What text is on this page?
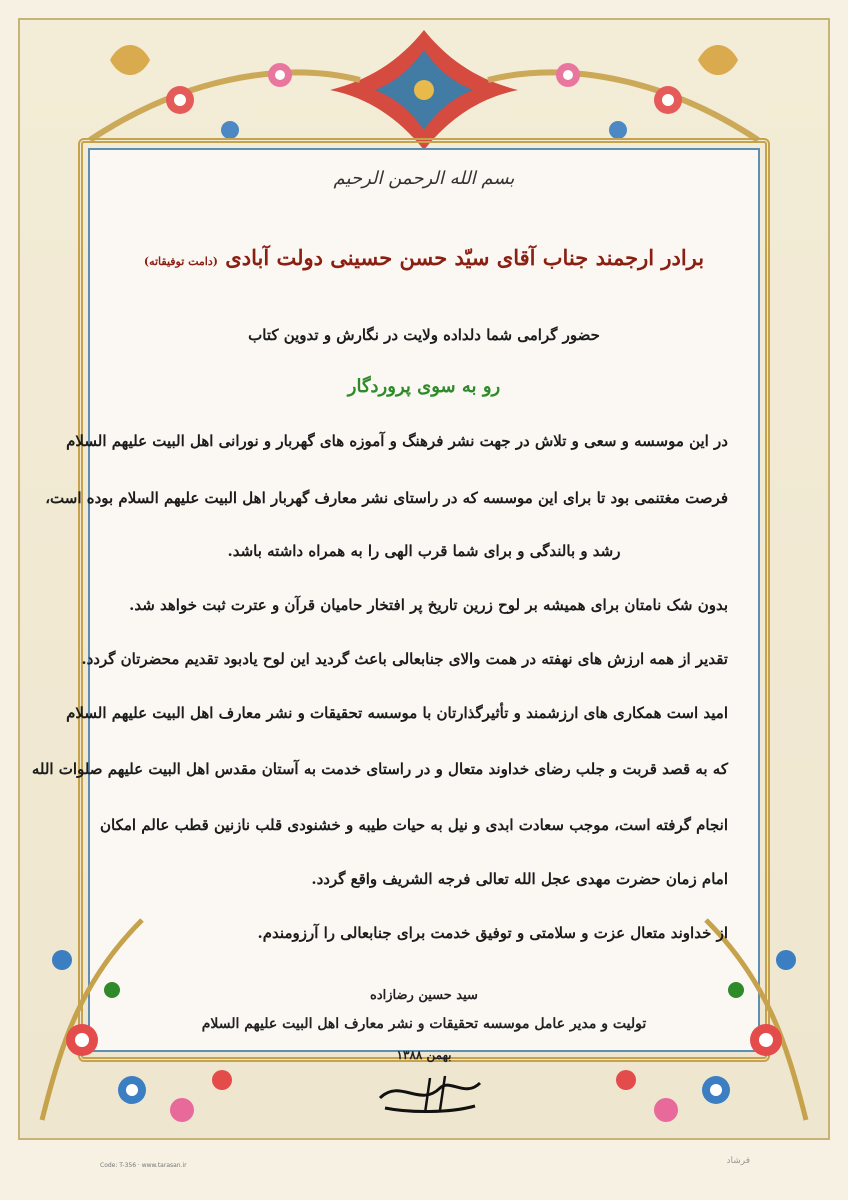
بسم الله الرحمن الرحیم
برادر ارجمند جناب آقای سیّد حسن حسینی دولت آبادی (دامت توفیقاته)
حضور گرامی شما دلداده ولایت در نگارش و تدوین کتاب
رو به سوی پروردگار
در این موسسه و سعی و تلاش در جهت نشر فرهنگ و آموزه های گهربار و نورانی اهل البیت علیهم السلام
فرصت مغتنمی بود تا برای این موسسه که در راستای نشر معارف گهربار اهل البیت علیهم السلام بوده است،
رشد و بالندگی و برای شما قرب الهی را به همراه داشته باشد.
بدون شک نامتان برای همیشه بر لوح زرین تاریخ پر افتخار حامیان قرآن و عترت ثبت خواهد شد.
تقدیر از همه ارزش های نهفته در همت والای جنابعالی باعث گردید این لوح یادبود تقدیم محضرتان گردد.
امید است همکاری های ارزشمند و تأثیرگذارتان با موسسه تحقیقات و نشر معارف اهل البیت علیهم السلام
که به قصد قربت و جلب رضای خداوند متعال و در راستای خدمت به آستان مقدس اهل البیت علیهم صلوات الله
انجام گرفته است، موجب سعادت ابدی و نیل به حیات طیبه و خشنودی قلب نازنین قطب عالم امکان
امام زمان حضرت مهدی عجل الله تعالی فرجه الشریف واقع گردد.
از خداوند متعال عزت و سلامتی و توفیق خدمت برای جنابعالی را آرزومندم.
سید حسین رضازاده
تولیت و مدیر عامل موسسه تحقیقات و نشر معارف اهل البیت علیهم السلام
بهمن ۱۳۸۸
Code: T-356 · www.tarasan.ir	فرشاد
